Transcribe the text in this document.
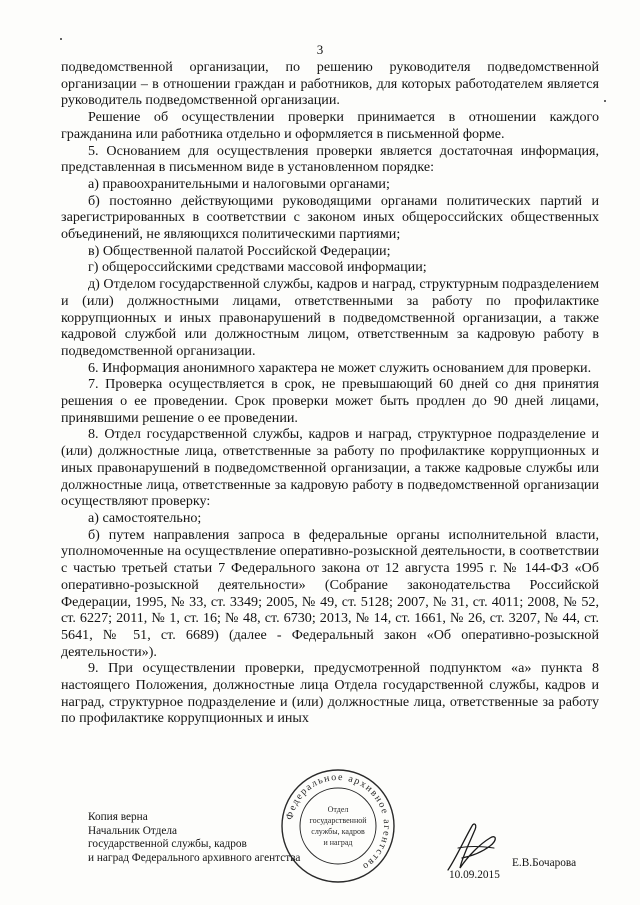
3

подведомственной организации, по решению руководителя подведомственной организации – в отношении граждан и работников, для которых работодателем является руководитель подведомственной организации.

Решение об осуществлении проверки принимается в отношении каждого гражданина или работника отдельно и оформляется в письменной форме.

5. Основанием для осуществления проверки является достаточная информация, представленная в письменном виде в установленном порядке:

а) правоохранительными и налоговыми органами;

б) постоянно действующими руководящими органами политических партий и зарегистрированных в соответствии с законом иных общероссийских общественных объединений, не являющихся политическими партиями;

в) Общественной палатой Российской Федерации;

г) общероссийскими средствами массовой информации;

д) Отделом государственной службы, кадров и наград, структурным подразделением и (или) должностными лицами, ответственными за работу по профилактике коррупционных и иных правонарушений в подведомственной организации, а также кадровой службой или должностным лицом, ответственным за кадровую работу в подведомственной организации.

6. Информация анонимного характера не может служить основанием для проверки.

7. Проверка осуществляется в срок, не превышающий 60 дней со дня принятия решения о ее проведении. Срок проверки может быть продлен до 90 дней лицами, принявшими решение о ее проведении.

8. Отдел государственной службы, кадров и наград, структурное подразделение и (или) должностные лица, ответственные за работу по профилактике коррупционных и иных правонарушений в подведомственной организации, а также кадровые службы или должностные лица, ответственные за кадровую работу в подведомственной организации осуществляют проверку:

а) самостоятельно;

б) путем направления запроса в федеральные органы исполнительной власти, уполномоченные на осуществление оперативно-розыскной деятельности, в соответствии с частью третьей статьи 7 Федерального закона от 12 августа 1995 г. № 144-ФЗ «Об оперативно-розыскной деятельности» (Собрание законодательства Российской Федерации, 1995, № 33, ст. 3349; 2005, № 49, ст. 5128; 2007, № 31, ст. 4011; 2008, № 52, ст. 6227; 2011, № 1, ст. 16; № 48, ст. 6730; 2013, № 14, ст. 1661, № 26, ст. 3207, № 44, ст. 5641, № 51, ст. 6689) (далее - Федеральный закон «Об оперативно-розыскной деятельности»).

9. При осуществлении проверки, предусмотренной подпунктом «а» пункта 8 настоящего Положения, должностные лица Отдела государственной службы, кадров и наград, структурное подразделение и (или) должностные лица, ответственные за работу по профилактике коррупционных и иных

Копия верна
Начальник Отдела
государственной службы, кадров
и наград Федерального архивного агентства
Федеральное архивное агентство
Отдел
государственной
службы, кадров
и наград
10.09.2015
Е.В.Бочарова
